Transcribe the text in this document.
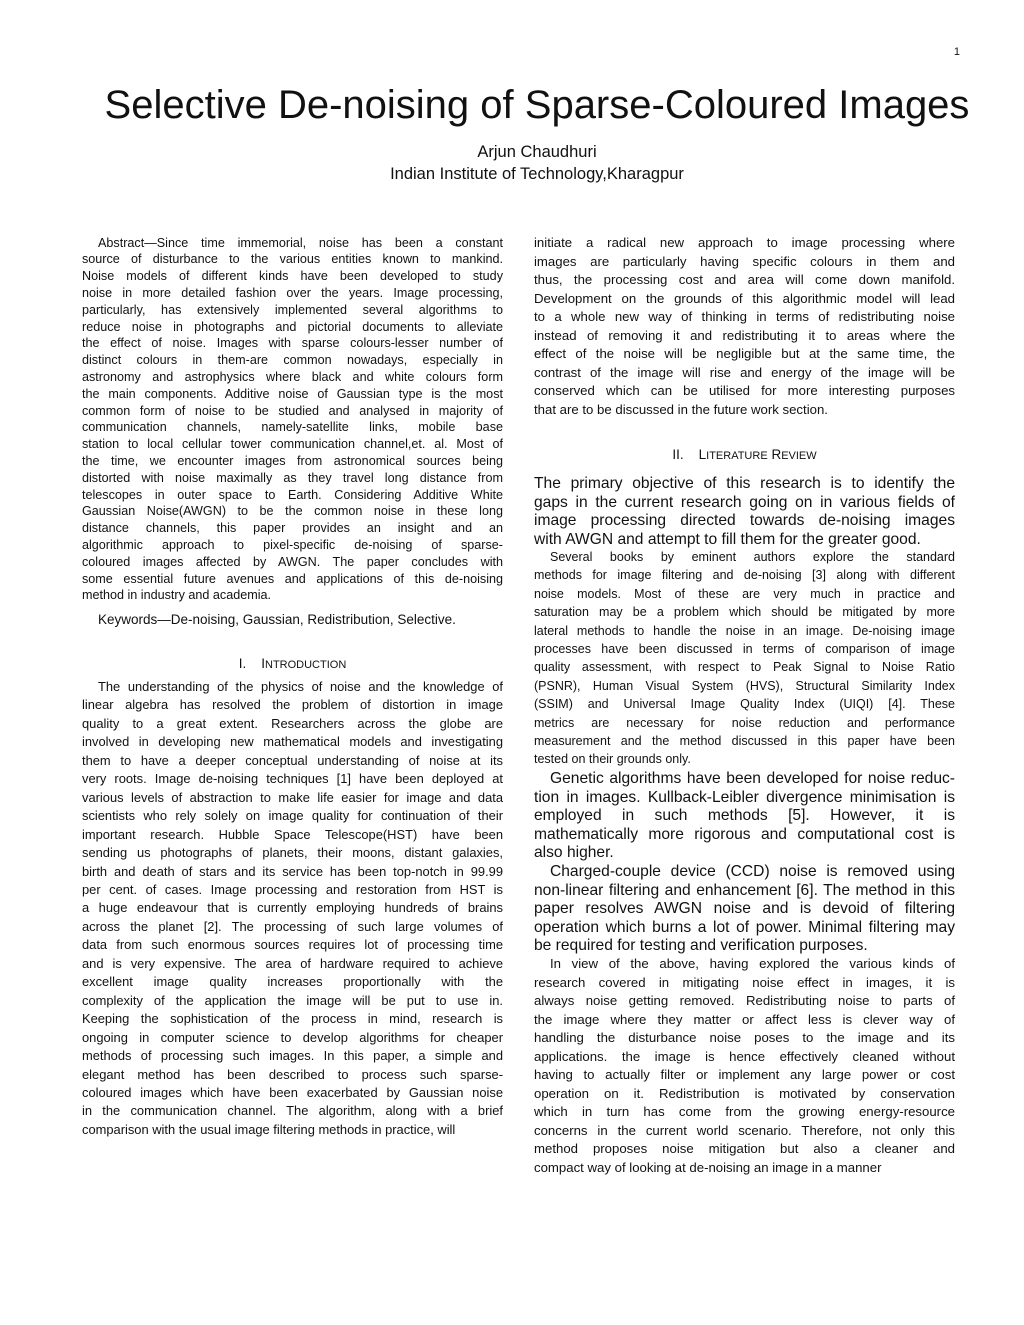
1
Selective De-noising of Sparse-Coloured Images
Arjun Chaudhuri
Indian Institute of Technology,Kharagpur
Abstract—Since time immemorial, noise has been a constant
source of disturbance to the various entities known to mankind.
Noise models of different kinds have been developed to study
noise in more detailed fashion over the years. Image processing,
particularly, has extensively implemented several algorithms to
reduce noise in photographs and pictorial documents to alleviate
the effect of noise. Images with sparse colours-lesser number of
distinct colours in them-are common nowadays, especially in
astronomy and astrophysics where black and white colours form
the main components. Additive noise of Gaussian type is the most
common form of noise to be studied and analysed in majority of
communication channels, namely-satellite links, mobile base
station to local cellular tower communication channel,et. al. Most of
the time, we encounter images from astronomical sources being
distorted with noise maximally as they travel long distance from
telescopes in outer space to Earth. Considering Additive White
Gaussian Noise(AWGN) to be the common noise in these long
distance channels, this paper provides an insight and an
algorithmic approach to pixel-specific de-noising of sparse-
coloured images affected by AWGN. The paper concludes with
some essential future avenues and applications of this de-noising
method in industry and academia.
Keywords—De-noising, Gaussian, Redistribution, Selective.
I. INTRODUCTION
The understanding of the physics of noise and the knowledge of
linear algebra has resolved the problem of distortion in image
quality to a great extent. Researchers across the globe are
involved in developing new mathematical models and investigating
them to have a deeper conceptual understanding of noise at its
very roots. Image de-noising techniques [1] have been deployed at
various levels of abstraction to make life easier for image and data
scientists who rely solely on image quality for continuation of their
important research. Hubble Space Telescope(HST) have been
sending us photographs of planets, their moons, distant galaxies,
birth and death of stars and its service has been top-notch in 99.99
per cent. of cases. Image processing and restoration from HST is
a huge endeavour that is currently employing hundreds of brains
across the planet [2]. The processing of such large volumes of
data from such enormous sources requires lot of processing time
and is very expensive. The area of hardware required to achieve
excellent image quality increases proportionally with the
complexity of the application the image will be put to use in.
Keeping the sophistication of the process in mind, research is
ongoing in computer science to develop algorithms for cheaper
methods of processing such images. In this paper, a simple and
elegant method has been described to process such sparse-
coloured images which have been exacerbated by Gaussian noise
in the communication channel. The algorithm, along with a brief
comparison with the usual image filtering methods in practice, will
initiate a radical new approach to image processing where
images are particularly having specific colours in them and
thus, the processing cost and area will come down manifold.
Development on the grounds of this algorithmic model will lead
to a whole new way of thinking in terms of redistributing noise
instead of removing it and redistributing it to areas where the
effect of the noise will be negligible but at the same time, the
contrast of the image will rise and energy of the image will be
conserved which can be utilised for more interesting purposes
that are to be discussed in the future work section.
II. LITERATURE REVIEW
The primary objective of this research is to identify the
gaps in the current research going on in various fields of
image processing directed towards de-noising images
with AWGN and attempt to fill them for the greater good.
Several books by eminent authors explore the standard
methods for image filtering and de-noising [3] along with different
noise models. Most of these are very much in practice and
saturation may be a problem which should be mitigated by more
lateral methods to handle the noise in an image. De-noising image
processes have been discussed in terms of comparison of image
quality assessment, with respect to Peak Signal to Noise Ratio
(PSNR), Human Visual System (HVS), Structural Similarity Index
(SSIM) and Universal Image Quality Index (UIQI) [4]. These
metrics are necessary for noise reduction and performance
measurement and the method discussed in this paper have been
tested on their grounds only.
Genetic algorithms have been developed for noise reduc-
tion in images. Kullback-Leibler divergence minimisation is
employed in such methods [5]. However, it is
mathematically more rigorous and computational cost is
also higher.
Charged-couple device (CCD) noise is removed using
non-linear filtering and enhancement [6]. The method in this
paper resolves AWGN noise and is devoid of filtering
operation which burns a lot of power. Minimal filtering may
be required for testing and verification purposes.
In view of the above, having explored the various kinds of
research covered in mitigating noise effect in images, it is
always noise getting removed. Redistributing noise to parts of
the image where they matter or affect less is clever way of
handling the disturbance noise poses to the image and its
applications. the image is hence effectively cleaned without
having to actually filter or implement any large power or cost
operation on it. Redistribution is motivated by conservation
which in turn has come from the growing energy-resource
concerns in the current world scenario. Therefore, not only this
method proposes noise mitigation but also a cleaner and
compact way of looking at de-noising an image in a manner
